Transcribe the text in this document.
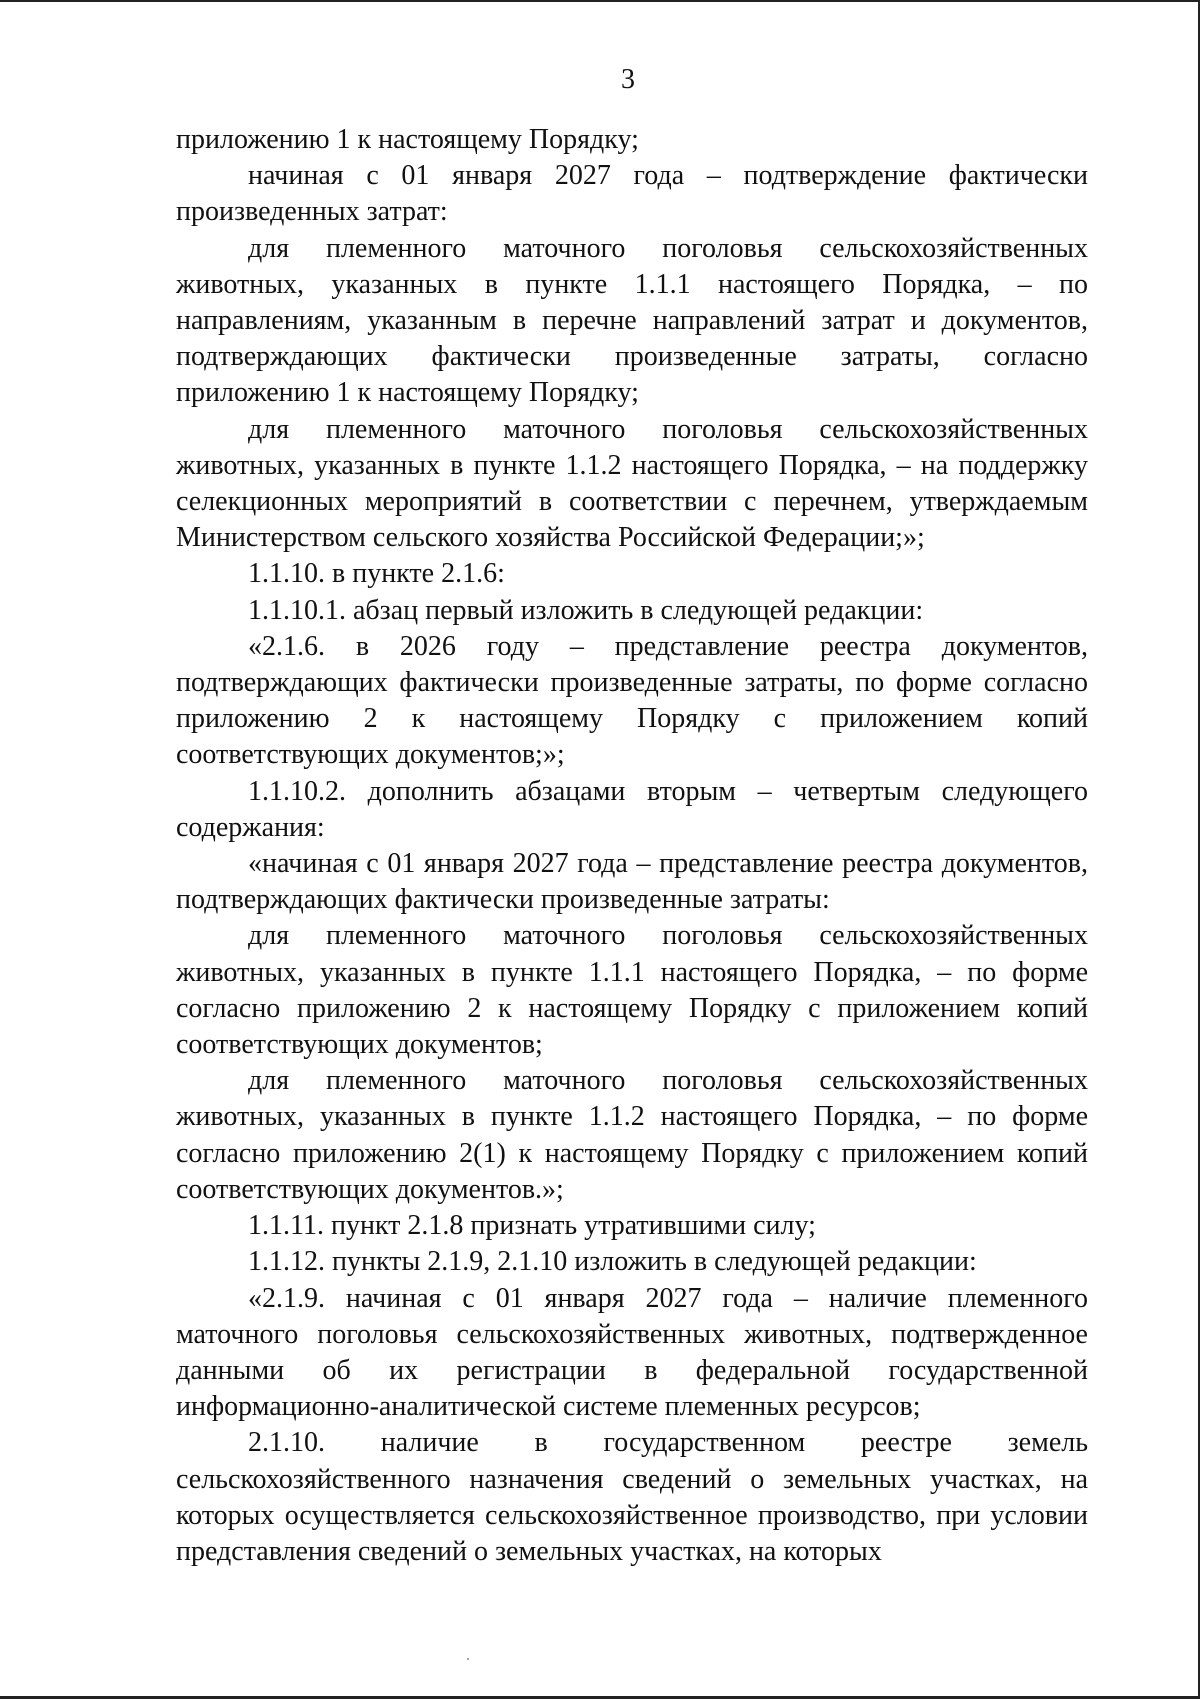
3

приложению 1 к настоящему Порядку;

начиная с 01 января 2027 года – подтверждение фактически произведенных затрат:

для племенного маточного поголовья сельскохозяйственных животных, указанных в пункте 1.1.1 настоящего Порядка, – по направлениям, указанным в перечне направлений затрат и документов, подтверждающих фактически произведенные затраты, согласно приложению 1 к настоящему Порядку;

для племенного маточного поголовья сельскохозяйственных животных, указанных в пункте 1.1.2 настоящего Порядка, – на поддержку селекционных мероприятий в соответствии с перечнем, утверждаемым Министерством сельского хозяйства Российской Федерации;»;

1.1.10. в пункте 2.1.6:

1.1.10.1. абзац первый изложить в следующей редакции:

«2.1.6. в 2026 году – представление реестра документов, подтверждающих фактически произведенные затраты, по форме согласно приложению 2 к настоящему Порядку с приложением копий соответствующих документов;»;

1.1.10.2. дополнить абзацами вторым – четвертым следующего содержания:

«начиная с 01 января 2027 года – представление реестра документов, подтверждающих фактически произведенные затраты:

для племенного маточного поголовья сельскохозяйственных животных, указанных в пункте 1.1.1 настоящего Порядка, – по форме согласно приложению 2 к настоящему Порядку с приложением копий соответствующих документов;

для племенного маточного поголовья сельскохозяйственных животных, указанных в пункте 1.1.2 настоящего Порядка, – по форме согласно приложению 2(1) к настоящему Порядку с приложением копий соответствующих документов.»;

1.1.11. пункт 2.1.8 признать утратившими силу;

1.1.12. пункты 2.1.9, 2.1.10 изложить в следующей редакции:

«2.1.9. начиная с 01 января 2027 года – наличие племенного маточного поголовья сельскохозяйственных животных, подтвержденное данными об их регистрации в федеральной государственной информационно-аналитической системе племенных ресурсов;

2.1.10. наличие в государственном реестре земель сельскохозяйственного назначения сведений о земельных участках, на которых осуществляется сельскохозяйственное производство, при условии представления сведений о земельных участках, на которых
